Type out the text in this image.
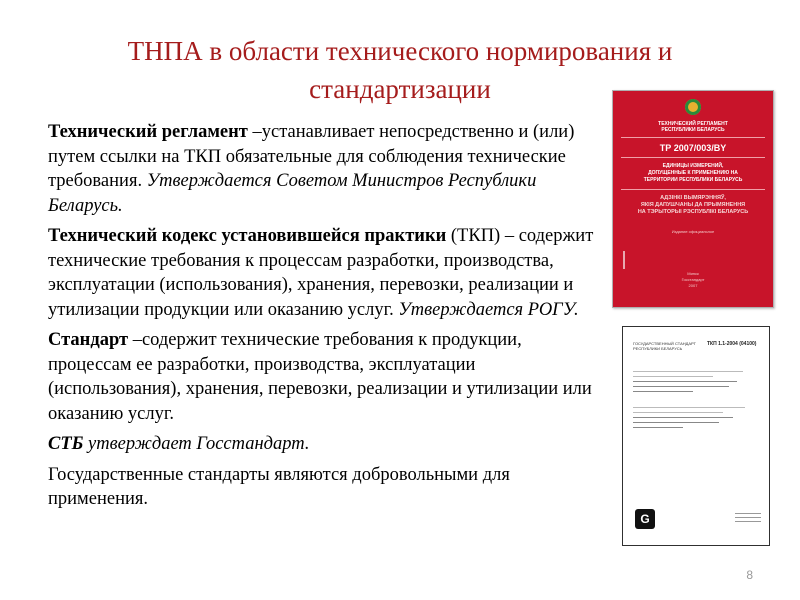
ТНПА в области технического нормирования и
стандартизации

Технический регламент –устанавливает непосредственно и (или) путем ссылки на ТКП обязательные для соблюдения технические требования. Утверждается Советом Министров Республики Беларусь.

Технический кодекс установившейся практики (ТКП) – содержит технические требования к процессам разработки, производства, эксплуатации (использования), хранения, перевозки, реализации и утилизации продукции или оказанию услуг. Утверждается РОГУ.

Стандарт –содержит технические требования к продукции, процессам ее разработки, производства, эксплуатации (использования), хранения, перевозки, реализации и утилизации или оказанию услуг.

СТБ утверждает Госстандарт.

Государственные стандарты являются добровольными для применения.

ТЕХНИЧЕСКИЙ РЕГЛАМЕНТ
РЕСПУБЛИКИ БЕЛАРУСЬ
ТР 2007/003/BY
ЕДИНИЦЫ ИЗМЕРЕНИЙ,
ДОПУЩЕННЫЕ К ПРИМЕНЕНИЮ НА
ТЕРРИТОРИИ РЕСПУБЛИКИ БЕЛАРУСЬ
АДЗІНКІ ВЫМЯРЭННЯЎ,
ЯКІЯ ДАПУШЧАНЫ ДА ПРЫМЯНЕННЯ
НА ТЭРЫТОРЫІ РЭСПУБЛІКІ БЕЛАРУСЬ
Издание официальное
Минск
Госстандарт
2007
ГОСУДАРСТВЕННЫЙ СТАНДАРТ РЕСПУБЛИКИ БЕЛАРУСЬ
ТКП 1.1-2004 (04100)
G
8
